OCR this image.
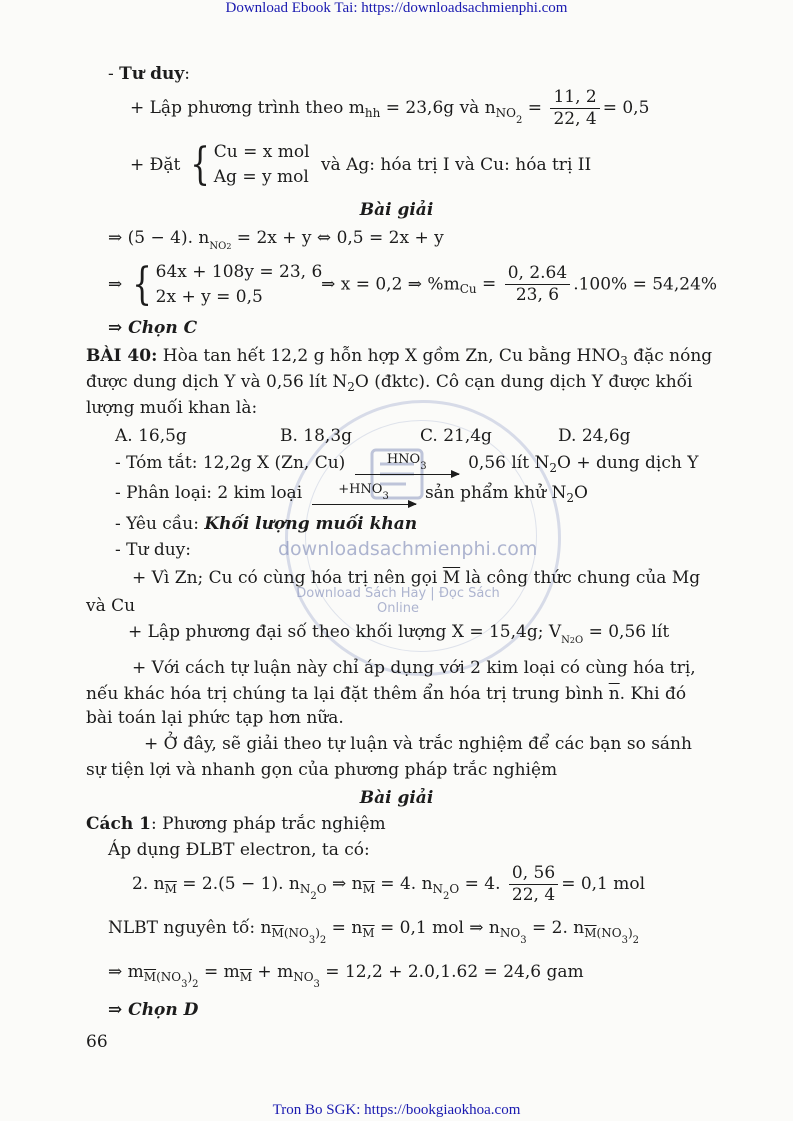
downloadsachmienphi.com
Download Sách Hay | Đọc Sách Online
Download Ebook Tai: https://downloadsachmienphi.com
- Tư duy:
+ Lập phương trình theo $m_{hh} = 23,6g$ và $n_{NO_2} = \frac{11, 2}{22, 4} = 0,5$
+ Đặt { Cu = x mol
Ag = y mol
và Ag: hóa trị I và Cu: hóa trị II
Bài giải
⇒ (5 − 4). $n_{NO2} = 2x + y$ ⇔ 0,5 = 2x + y
⇒ { 64x + 108y = 23, 6
2x + y = 0,5
⇒ x = 0,2 ⇒ $\%m_{Cu} = \frac{0, 2.64}{23, 6} .100\% = 54,24\%$
⇒ Chọn C
BÀI 40: Hòa tan hết 12,2 g hỗn hợp X gồm Zn, Cu bằng $HNO_3$ đặc nóng
được dung dịch Y và 0,56 lít $N_2O$ (đktc). Cô cạn dung dịch Y được khối
lượng muối khan là:
A. 16,5g	B. 18,3g	C. 21,4g	D. 24,6g
- Tóm tắt: 12,2g X (Zn, Cu)	$HNO_3$ 0,56 lít $N_2O$ + dung dịch Y
- Phân loại: 2 kim loại	$+HNO_3$ sản phẩm khử $N_2O$
- Yêu cầu: Khối lượng muối khan
- Tư duy:
+ Vì Zn; Cu có cùng hóa trị nên gọi $\overline{M}$ là công thức chung của Mg
và Cu
+ Lập phương đại số theo khối lượng X = 15,4g; $V_{N2O} = 0,56$ lít
+ Với cách tự luận này chỉ áp dụng với 2 kim loại có cùng hóa trị,
nếu khác hóa trị chúng ta lại đặt thêm ẩn hóa trị trung bình $\overline{n}$. Khi đó
bài toán lại phức tạp hơn nữa.
+ Ở đây, sẽ giải theo tự luận và trắc nghiệm để các bạn so sánh
sự tiện lợi và nhanh gọn của phương pháp trắc nghiệm
Bài giải
Cách 1: Phương pháp trắc nghiệm
Áp dụng ĐLBT electron, ta có:
2. $n_{\overline{M}} = 2.(5 - 1)$. $n_{N_2O}$ ⇒ $n_{\overline{M}} = 4$. $n_{N_2O} = 4$. $\frac{0, 56}{22, 4} = 0,1$ mol
NLBT nguyên tố: $n_{\overline{M}(NO_3)_2} = n_{\overline{M}} = 0,1$ mol ⇒ $n_{NO_3} = 2$. $n_{\overline{M}(NO_3)_2}$
⇒ $m_{\overline{M}(NO_3)_2} = m_{\overline{M}} + m_{NO_3} = 12,2 + 2.0,1.62 = 24,6$ gam
⇒ Chọn D
66
Tron Bo SGK: https://bookgiaokhoa.com
